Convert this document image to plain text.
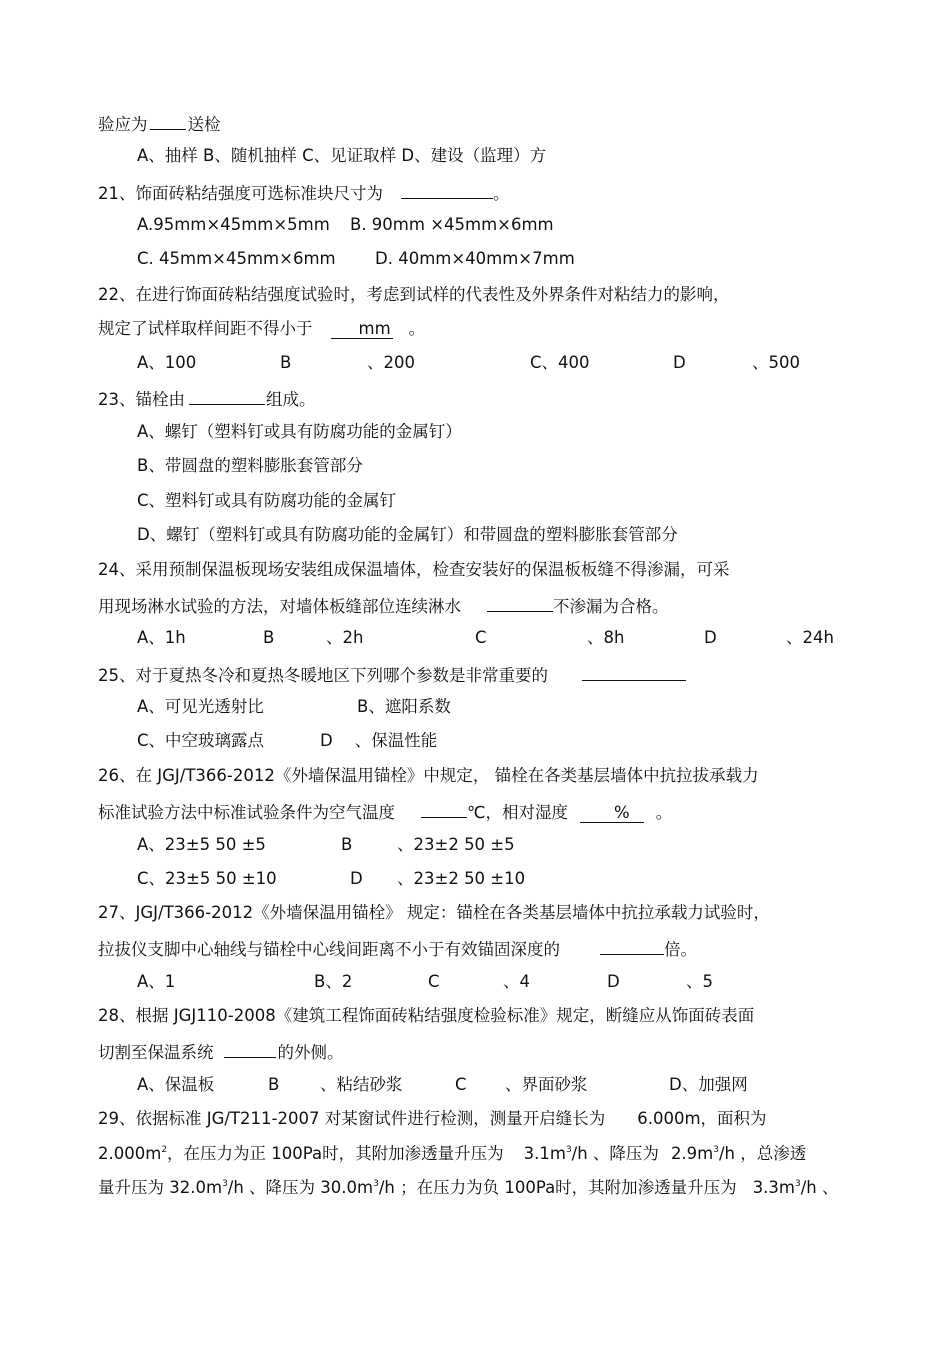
验应为 送检
A、抽样 B、随机抽样 C、见证取样 D、建设（监理）方
21、饰面砖粘结强度可选标准块尺寸为	。
A.95mm×45mm×5mm B. 90mm ×45mm×6mm
C. 45mm×45mm×6mm D. 40mm×40mm×7mm
22、在进行饰面砖粘结强度试验时，考虑到试样的代表性及外界条件对粘结力的影响，
规定了试样取样间距不得小于	mm 。
A、100	B	、200	C、400	D	、500
23、锚栓由	组成。
A、螺钉（塑料钉或具有防腐功能的金属钉）
B、带圆盘的塑料膨胀套管部分
C、塑料钉或具有防腐功能的金属钉
D、螺钉（塑料钉或具有防腐功能的金属钉）和带圆盘的塑料膨胀套管部分
24、采用预制保温板现场安装组成保温墙体，检查安装好的保温板板缝不得渗漏，可采
用现场淋水试验的方法，对墙体板缝部位连续淋水	不渗漏为合格。
A、1h	B	、2h	C	、8h	D	、24h
25、对于夏热冬冷和夏热冬暖地区下列哪个参数是非常重要的
A、可见光透射比	B、遮阳系数
C、中空玻璃露点	D 、保温性能
26、在 JGJ/T366-2012《外墙保温用锚栓》中规定， 锚栓在各类基层墙体中抗拉拔承载力
标准试验方法中标准试验条件为空气温度	℃，相对湿度	% 。
A、23±5 50 ±5	B	、23±2 50 ±5
C、23±5 50 ±10	D 、23±2 50 ±10
27、JGJ/T366-2012《外墙保温用锚栓》 规定：锚栓在各类基层墙体中抗拉承载力试验时，
拉拔仪支脚中心轴线与锚栓中心线间距离不小于有效锚固深度的	倍。
A、1	B、2	C	、4	D	、5
28、根据 JGJ110-2008《建筑工程饰面砖粘结强度检验标准》规定，断缝应从饰面砖表面
切割至保温系统	的外侧。
A、保温板	B 、粘结砂浆	C 、界面砂浆	D、加强网
29、依据标准 JG/T211-2007 对某窗试件进行检测，测量开启缝长为 6.000m，面积为
$2.000m^2$，在压力为正 100Pa时，其附加渗透量升压为 $3.1m^3/h$ 、降压为 $2.9m^3/h$ ，总渗透
量升压为 $32.0m^3/h$ 、降压为 $30.0m^3/h$ ；在压力为负 100Pa时，其附加渗透量升压为 $3.3m^3/h$ 、
